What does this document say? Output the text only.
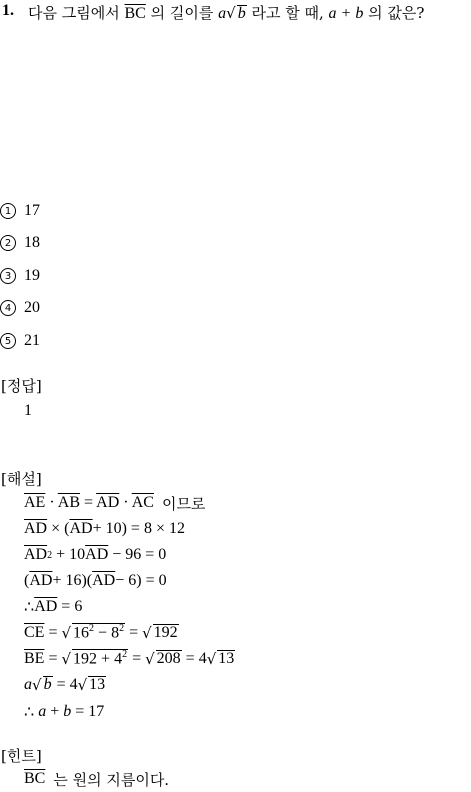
1. 다음 그림에서 $\overline{BC}$ 의 길이를 a√ b 라고 할 때, a + b 의 값은?
1 17
2 18
3 19
4 20
5 21
[정답]
1
[해설]
$\overline{AE} \cdot \overline{AB} = \overline{AD} \cdot \overline{AC}$ 이므로
$\overline{AD}$ × ( $\overline{AD} + 10) = 8 \times 12$
$\overline{AD}$ 2 + 10 $\overline{AD} - 96 = 0$
( $\overline{AD} + 16$)( $\overline{AD} - 6) = 0$
∴ $\overline{AD} = 6$
$\overline{CE}$ = √ $16^2 - 8^2$ = √ 192
$\overline{BE}$ = √ $192 + 4^2$ = √ 208 = 4 √ 13
a √ b = 4 √ 13
∴ a + b = 17
[힌트]
$\overline{BC}$ 는 원의 지름이다.
